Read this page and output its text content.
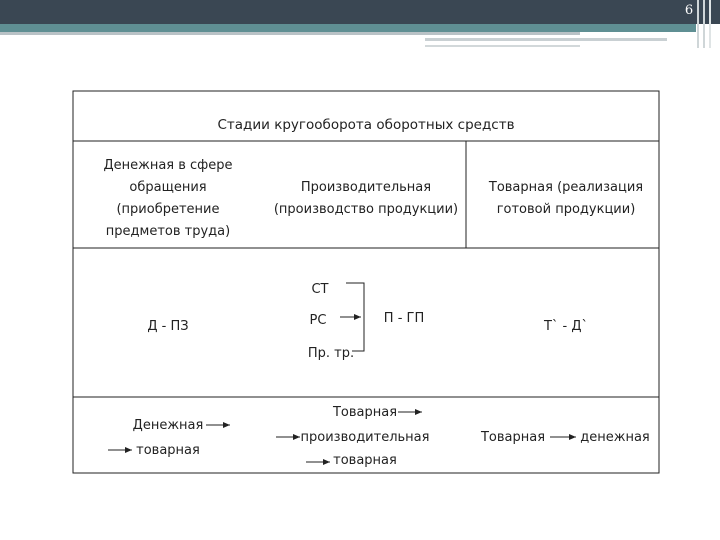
6
Стадии кругооборота оборотных средств
Денежная в сфере
обращения
(приобретение
предметов труда)
Производительная
(производство продукции)
Товарная (реализация
готовой продукции)
Д - ПЗ
СТ
РС
Пр. тр.
П - ГП
Т` - Д`
Денежная
товарная
Товарная
производительная
товарная
Товарная	денежная
